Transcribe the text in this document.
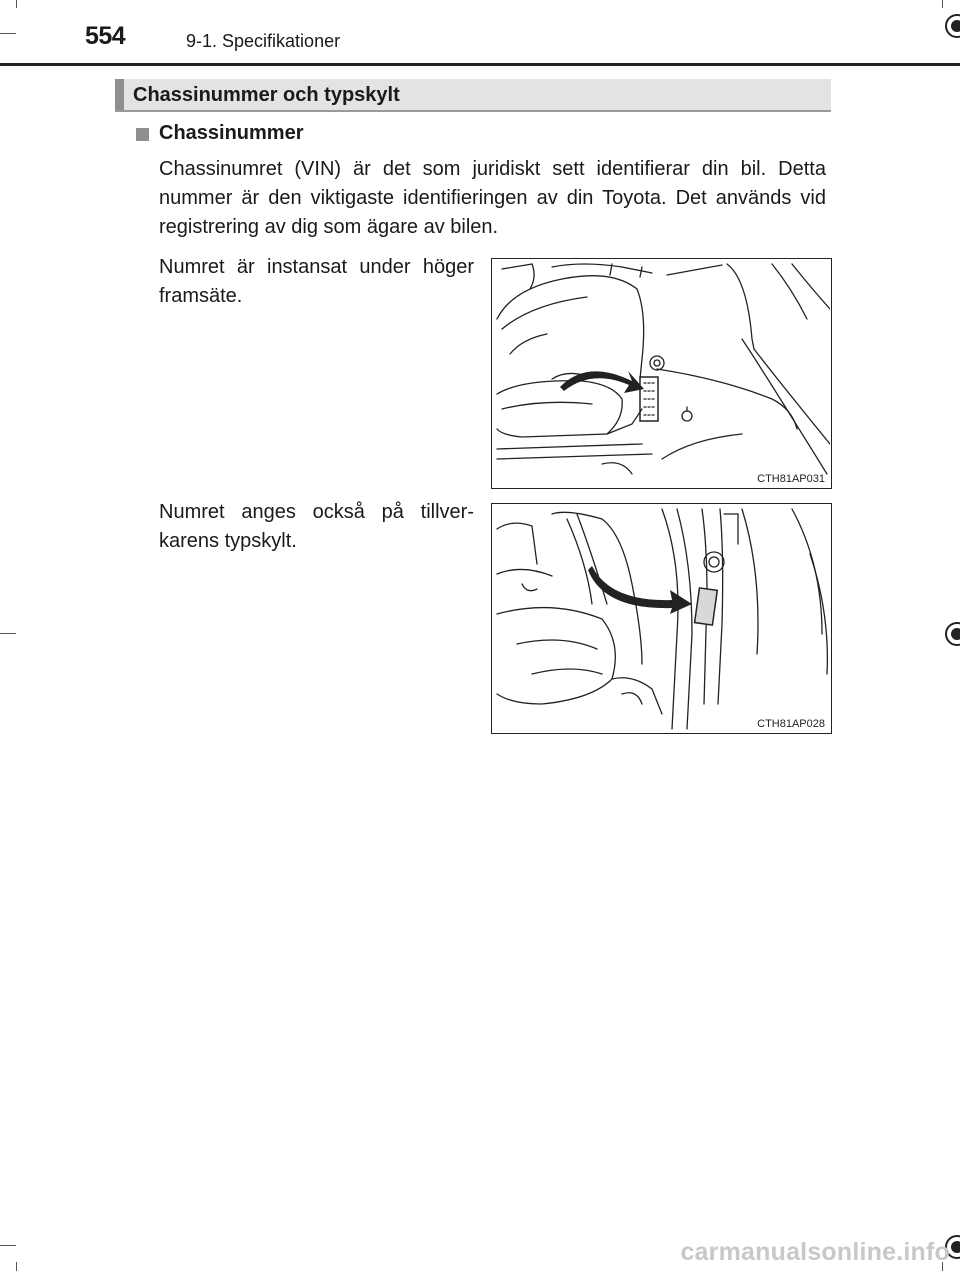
554	9-1. Specifikationer
Chassinummer och typskylt
Chassinummer
Chassinumret (VIN) är det som juridiskt sett identifierar din bil. Detta nummer är den viktigaste identifieringen av din Toyota. Det används vid registrering av dig som ägare av bilen.
Numret är instansat under höger framsäte.
CTH81AP031
Numret anges också på tillver-karens typskylt.
CTH81AP028
carmanualsonline.info
